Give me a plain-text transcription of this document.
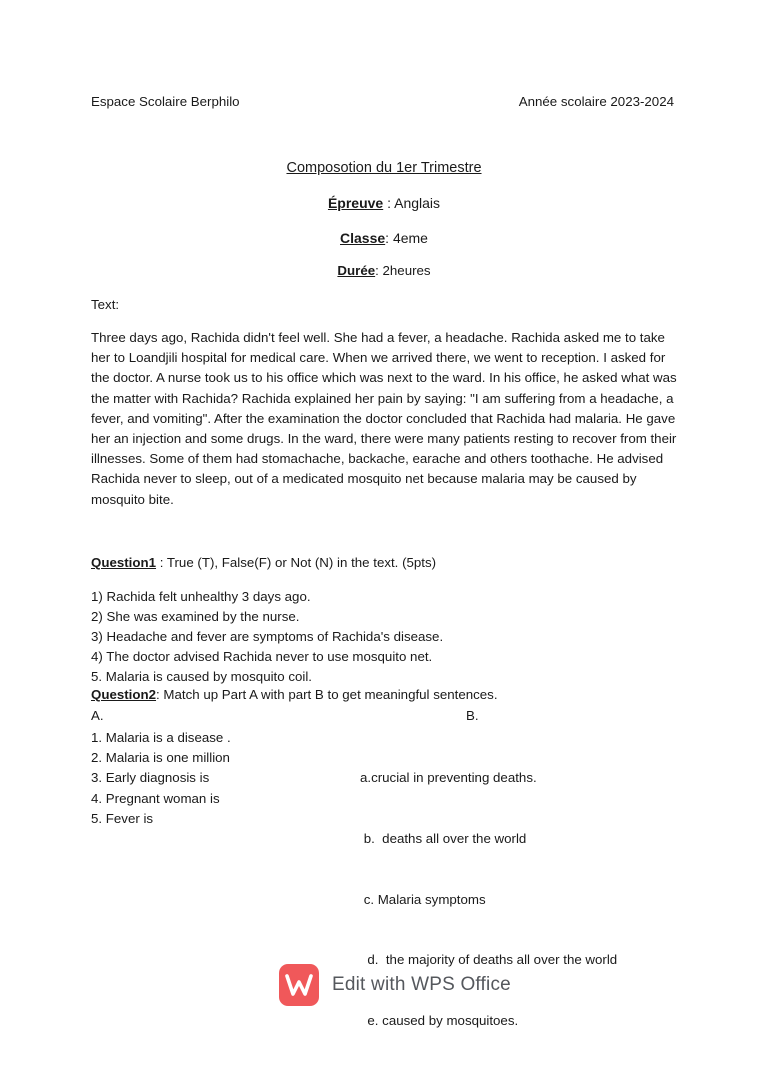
Espace Scolaire Berphilo	Année scolaire 2023-2024
Composotion du 1er Trimestre
Épreuve : Anglais
Classe: 4eme
Durée: 2heures
Text:

Three days ago, Rachida didn't feel well. She had a fever, a headache. Rachida asked me to take her to Loandjili hospital for medical care. When we arrived there, we went to reception. I asked for the doctor. A nurse took us to his office which was next to the ward. In his office, he asked what was the matter with Rachida? Rachida explained her pain by saying: "I am suffering from a headache, a fever, and vomiting". After the examination the doctor concluded that Rachida had malaria. He gave her an injection and some drugs. In the ward, there were many patients resting to recover from their illnesses. Some of them had stomachache, backache, earache and others toothache. He advised Rachida never to sleep, out of a medicated mosquito net because malaria may be caused by mosquito bite.

Question1 : True (T), False(F) or Not (N) in the text. (5pts)
1) Rachida felt unhealthy 3 days ago.
2) She was examined by the nurse.
3) Headache and fever are symptoms of Rachida's disease.
4) The doctor advised Rachida never to use mosquito net.
5. Malaria is caused by mosquito coil.
Question2: Match up Part A with part B to get meaningful sentences.
A.	B.
1. Malaria is a disease .
2. Malaria is one million
3. Early diagnosis is
4. Pregnant woman is
5. Fever is

a.crucial in preventing deaths.

b.  deaths all over the world

c. Malaria symptoms

d.  the majority of deaths all over the world

e. caused by mosquitoes.

Edit with WPS Office
